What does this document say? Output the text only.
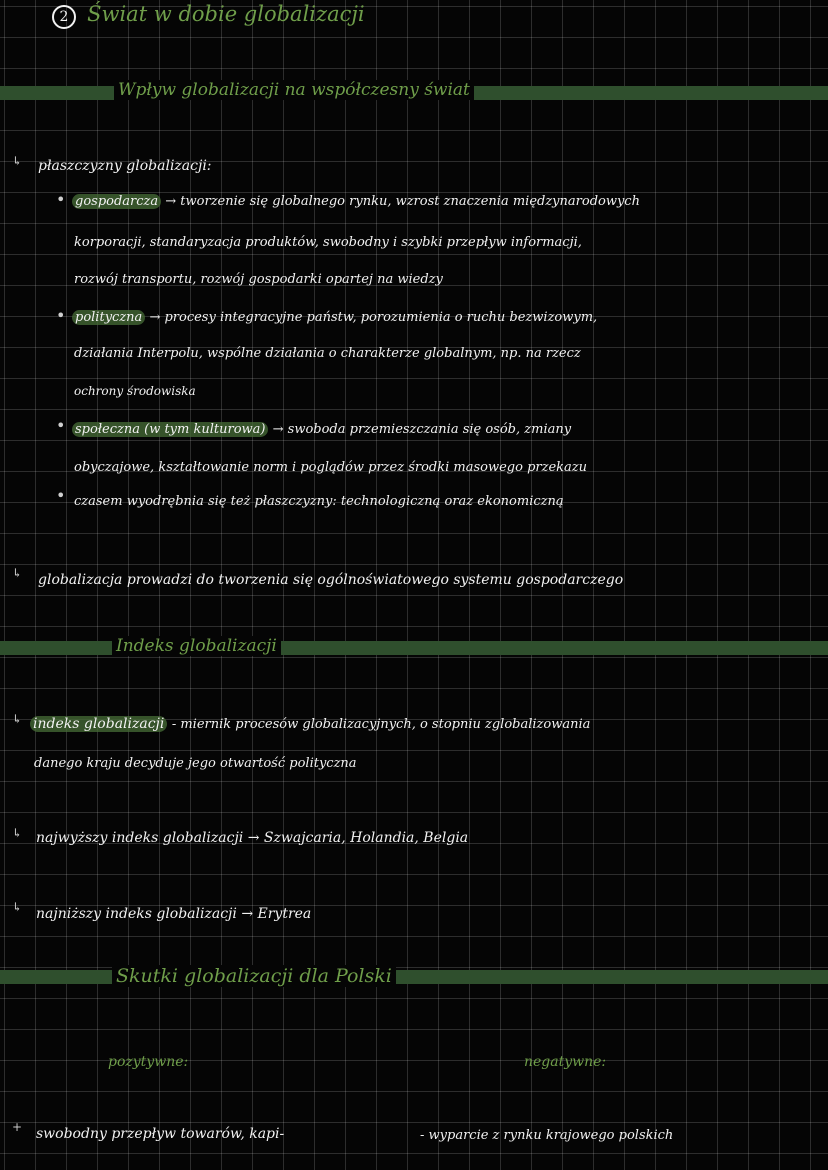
2 Świat w dobie globalizacji
Wpływ globalizacji na współczesny świat
↳ płaszczyzny globalizacji:
• gospodarcza → tworzenie się globalnego rynku, wzrost znaczenia międzynarodowych
korporacji, standaryzacja produktów, swobodny i szybki przepływ informacji,
rozwój transportu, rozwój gospodarki opartej na wiedzy
• polityczna → procesy integracyjne państw, porozumienia o ruchu bezwizowym,
działania Interpolu, wspólne działania o charakterze globalnym, np. na rzecz
ochrony środowiska
• społeczna (w tym kulturowa) → swoboda przemieszczania się osób, zmiany
obyczajowe, kształtowanie norm i poglądów przez środki masowego przekazu
• czasem wyodrębnia się też płaszczyzny: technologiczną oraz ekonomiczną
↳ globalizacja prowadzi do tworzenia się ogólnoświatowego systemu gospodarczego
Indeks globalizacji
↳ indeks globalizacji - miernik procesów globalizacyjnych, o stopniu zglobalizowania
danego kraju decyduje jego otwartość polityczna
↳ najwyższy indeks globalizacji → Szwajcaria, Holandia, Belgia
↳ najniższy indeks globalizacji → Erytrea
Skutki globalizacji dla Polski
pozytywne:	negatywne:
+ swobodny przepływ towarów, kapi-	- wyparcie z rynku krajowego polskich
